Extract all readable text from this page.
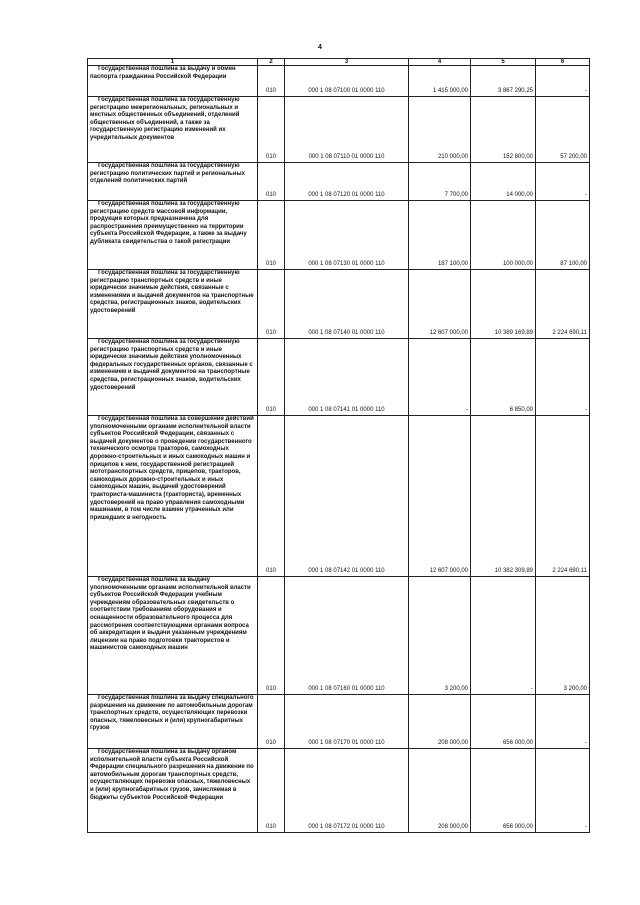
4
1	2	3	4	5	6
Государственная пошлина за выдачу и обмен паспорта гражданина Российской Федерации	010	000 1 08 07100 01 0000 110	1 415 000,00	3 867 290,25	-
Государственная пошлина за государственную регистрацию межрегиональных, региональных и местных общественных объединений, отделений общественных объединений, а также за государственную регистрацию изменений их учредительных документов	010	000 1 08 07110 01 0000 110	210 000,00	152 800,00	57 200,00
Государственная пошлина за государственную регистрацию политических партий и региональных отделений политических партий	010	000 1 08 07120 01 0000 110	7 700,00	14 000,00	-
Государственная пошлина за государственную регистрацию средств массовой информации, продукция которых предназначена для распространения преимущественно на территории субъекта Российской Федерации, а также за выдачу дубликата свидетельства о такой регистрации	010	000 1 08 07130 01 0000 110	187 100,00	100 000,00	87 100,00
Государственная пошлина за государственную регистрацию транспортных средств и иные юридически значимые действия, связанные с изменениями и выдачей документов на транспортные средства, регистрационных знаков, водительских удостоверений	010	000 1 08 07140 01 0000 110	12 607 000,00	10 389 169,89	2 224 690,11
Государственная пошлина за государственную регистрацию транспортных средств и иные юридически значимые действия уполномоченных федеральных государственных органов, связанные с изменением и выдачей документов на транспортные средства, регистрационных знаков, водительских удостоверений	010	000 1 08 07141 01 0000 110	-	6 850,00	-
Государственная пошлина за совершение действий уполномоченными органами исполнительной власти субъектов Российской Федерации, связанных с выдачей документов о проведении государственного технического осмотра тракторов, самоходных дорожно-строительных и иных самоходных машин и прицепов к ним, государственной регистрацией мототранспортных средств, прицепов, тракторов, самоходных дорожно-строительных и иных самоходных машин, выдачей удостоверений тракториста-машиниста (тракториста), временных удостоверений на право управления самоходными машинами, в том числе взамен утраченных или пришедших в негодность	010	000 1 08 07142 01 0000 110	12 607 000,00	10 382 309,89	2 224 690,11
Государственная пошлина за выдачу уполномоченными органами исполнительной власти субъектов Российской Федерации учебным учреждениям образовательных свидетельств о соответствии требованиям оборудования и оснащенности образовательного процесса для рассмотрения соответствующими органами вопроса об аккредитации и выдачи указанным учреждениям лицензии на право подготовки трактористов и машинистов самоходных машин	010	000 1 08 07160 01 0000 110	3 200,00	-	3 200,00
Государственная пошлина за выдачу специального разрешения на движение по автомобильным дорогам транспортных средств, осуществляющих перевозки опасных, тяжеловесных и (или) крупногабаритных грузов	010	000 1 08 07170 01 0000 110	208 000,00	656 000,00	-
Государственная пошлина за выдачу органом исполнительной власти субъекта Российской Федерации специального разрешения на движение по автомобильным дорогам транспортных средств, осуществляющих перевозки опасных, тяжеловесных и (или) крупногабаритных грузов, зачисляемая в бюджеты субъектов Российской Федерации	010	000 1 08 07172 01 0000 110	208 000,00	656 000,00	-
